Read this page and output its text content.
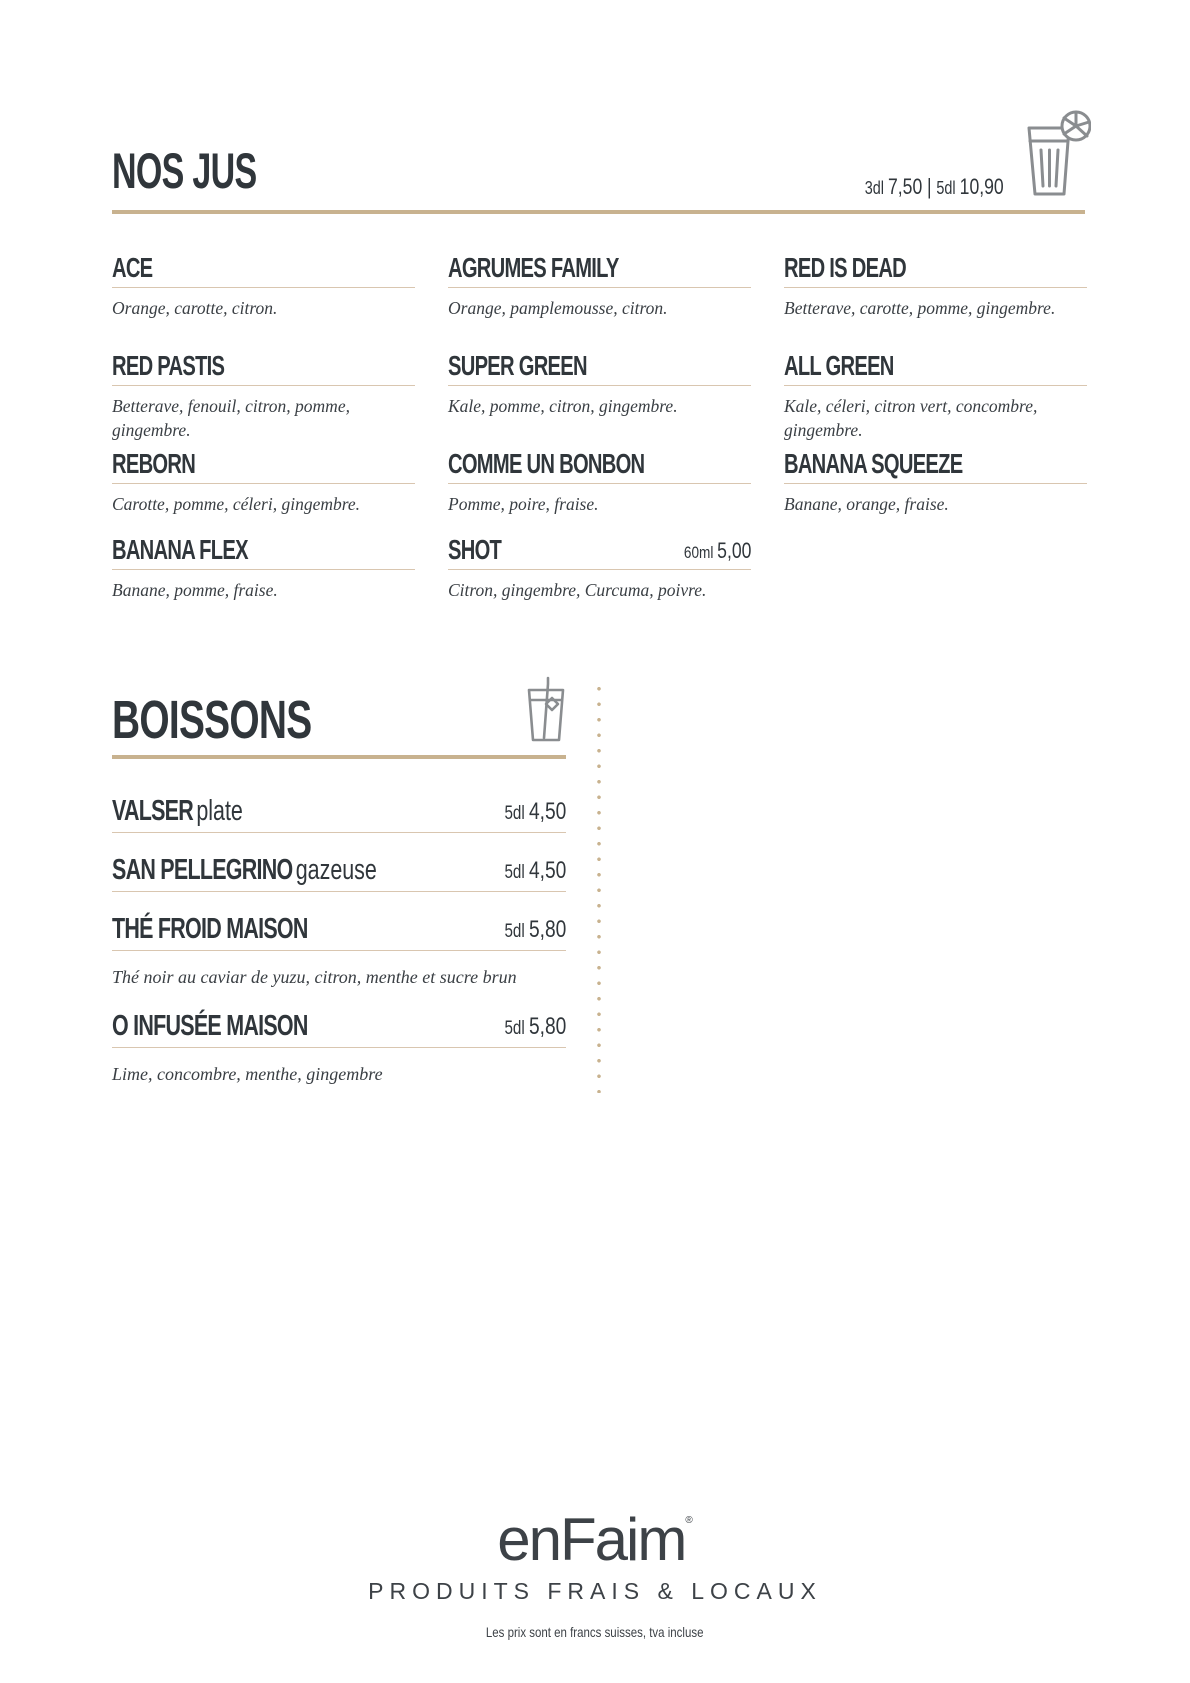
NOS JUS	3dl 7,50 | 5dl 10,90
ACE
Orange, carotte, citron.
AGRUMES FAMILY
Orange, pamplemousse, citron.
RED IS DEAD
Betterave, carotte, pomme, gingembre.
RED PASTIS
Betterave, fenouil, citron, pomme, gingembre.
SUPER GREEN
Kale, pomme, citron, gingembre.
ALL GREEN
Kale, céleri, citron vert, concombre, gingembre.
REBORN
Carotte, pomme, céleri, gingembre.
COMME UN BONBON
Pomme, poire, fraise.
BANANA SQUEEZE
Banane, orange, fraise.
BANANA FLEX
Banane, pomme, fraise.
SHOT	60ml 5,00
Citron, gingembre, Curcuma, poivre.
BOISSONS
VALSER plate	5dl 4,50
SAN PELLEGRINO gazeuse	5dl 4,50
THÉ FROID MAISON	5dl 5,80
Thé noir au caviar de yuzu, citron, menthe et sucre brun
O INFUSÉE MAISON	5dl 5,80
Lime, concombre, menthe, gingembre
enFaim®
PRODUITS FRAIS & LOCAUX
Les prix sont en francs suisses, tva incluse
